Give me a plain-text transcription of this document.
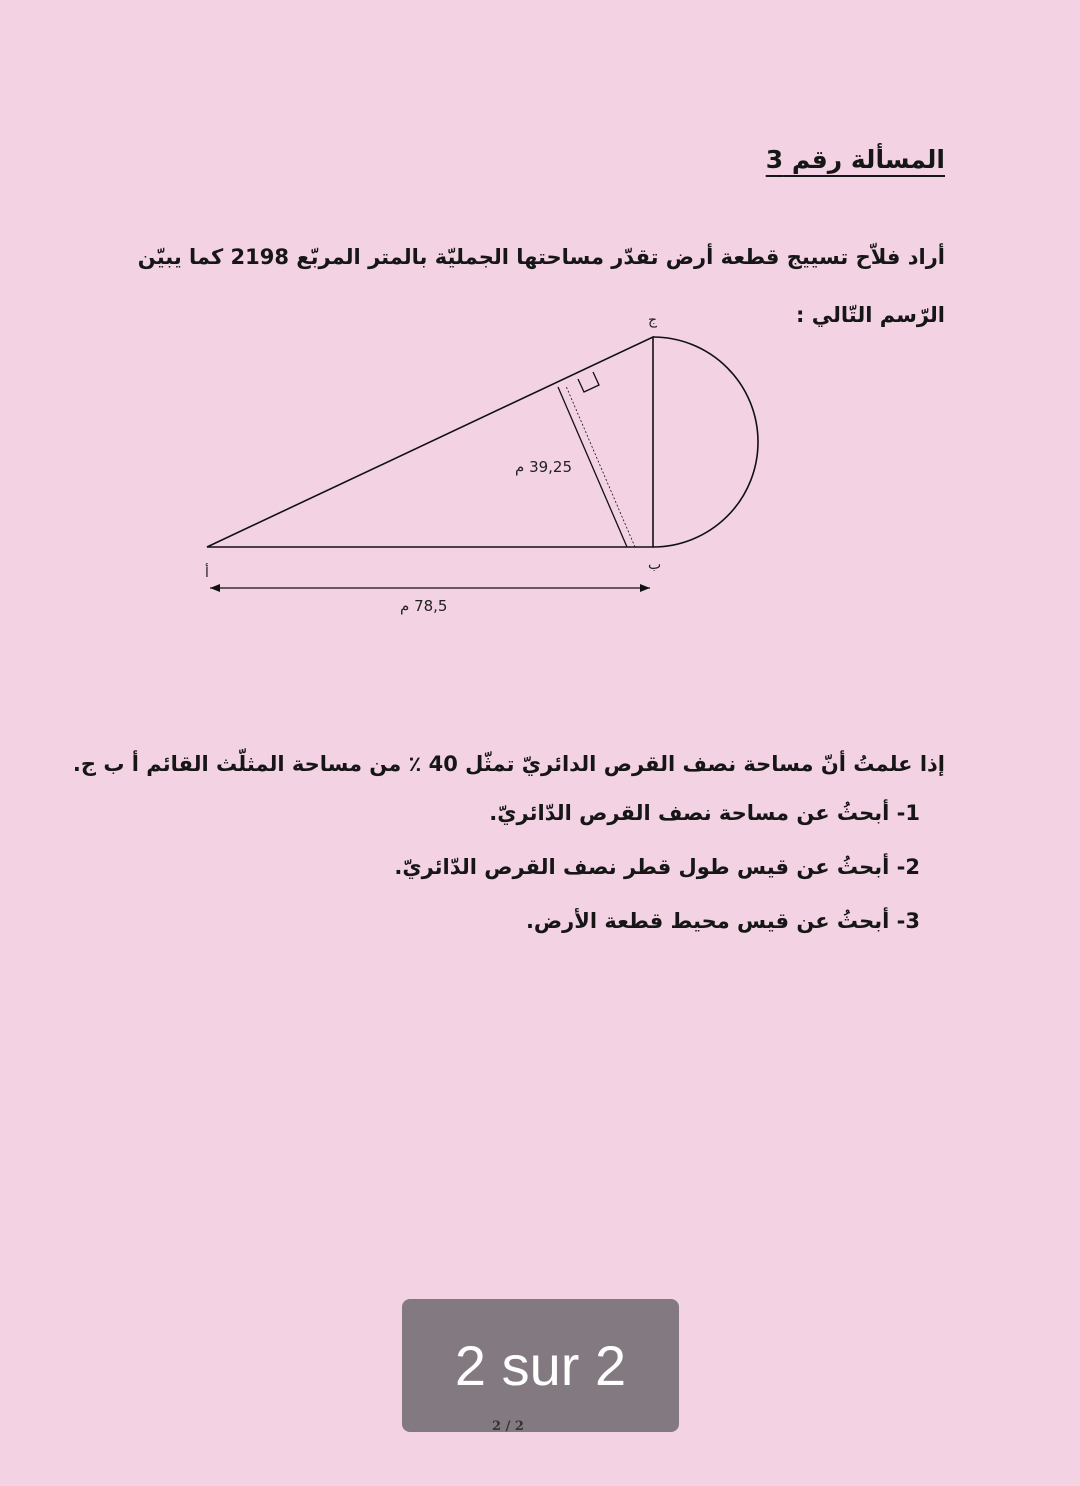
المسألة رقم 3
أراد فلاّح تسييج قطعة أرض تقدّر مساحتها الجمليّة بالمتر المربّع 2198 كما يبيّن الرّسم التّالي :
ج
ب
أ
39,25 م
78,5 م
إذا علمتُ أنّ مساحة نصف القرص الدائريّ تمثّل 40 ٪ من مساحة المثلّث القائم أ ب ج.
1- أبحثُ عن مساحة نصف القرص الدّائريّ.
2- أبحثُ عن قيس طول قطر نصف القرص الدّائريّ.
3- أبحثُ عن قيس محيط قطعة الأرض.
2 sur 2
2 / 2
